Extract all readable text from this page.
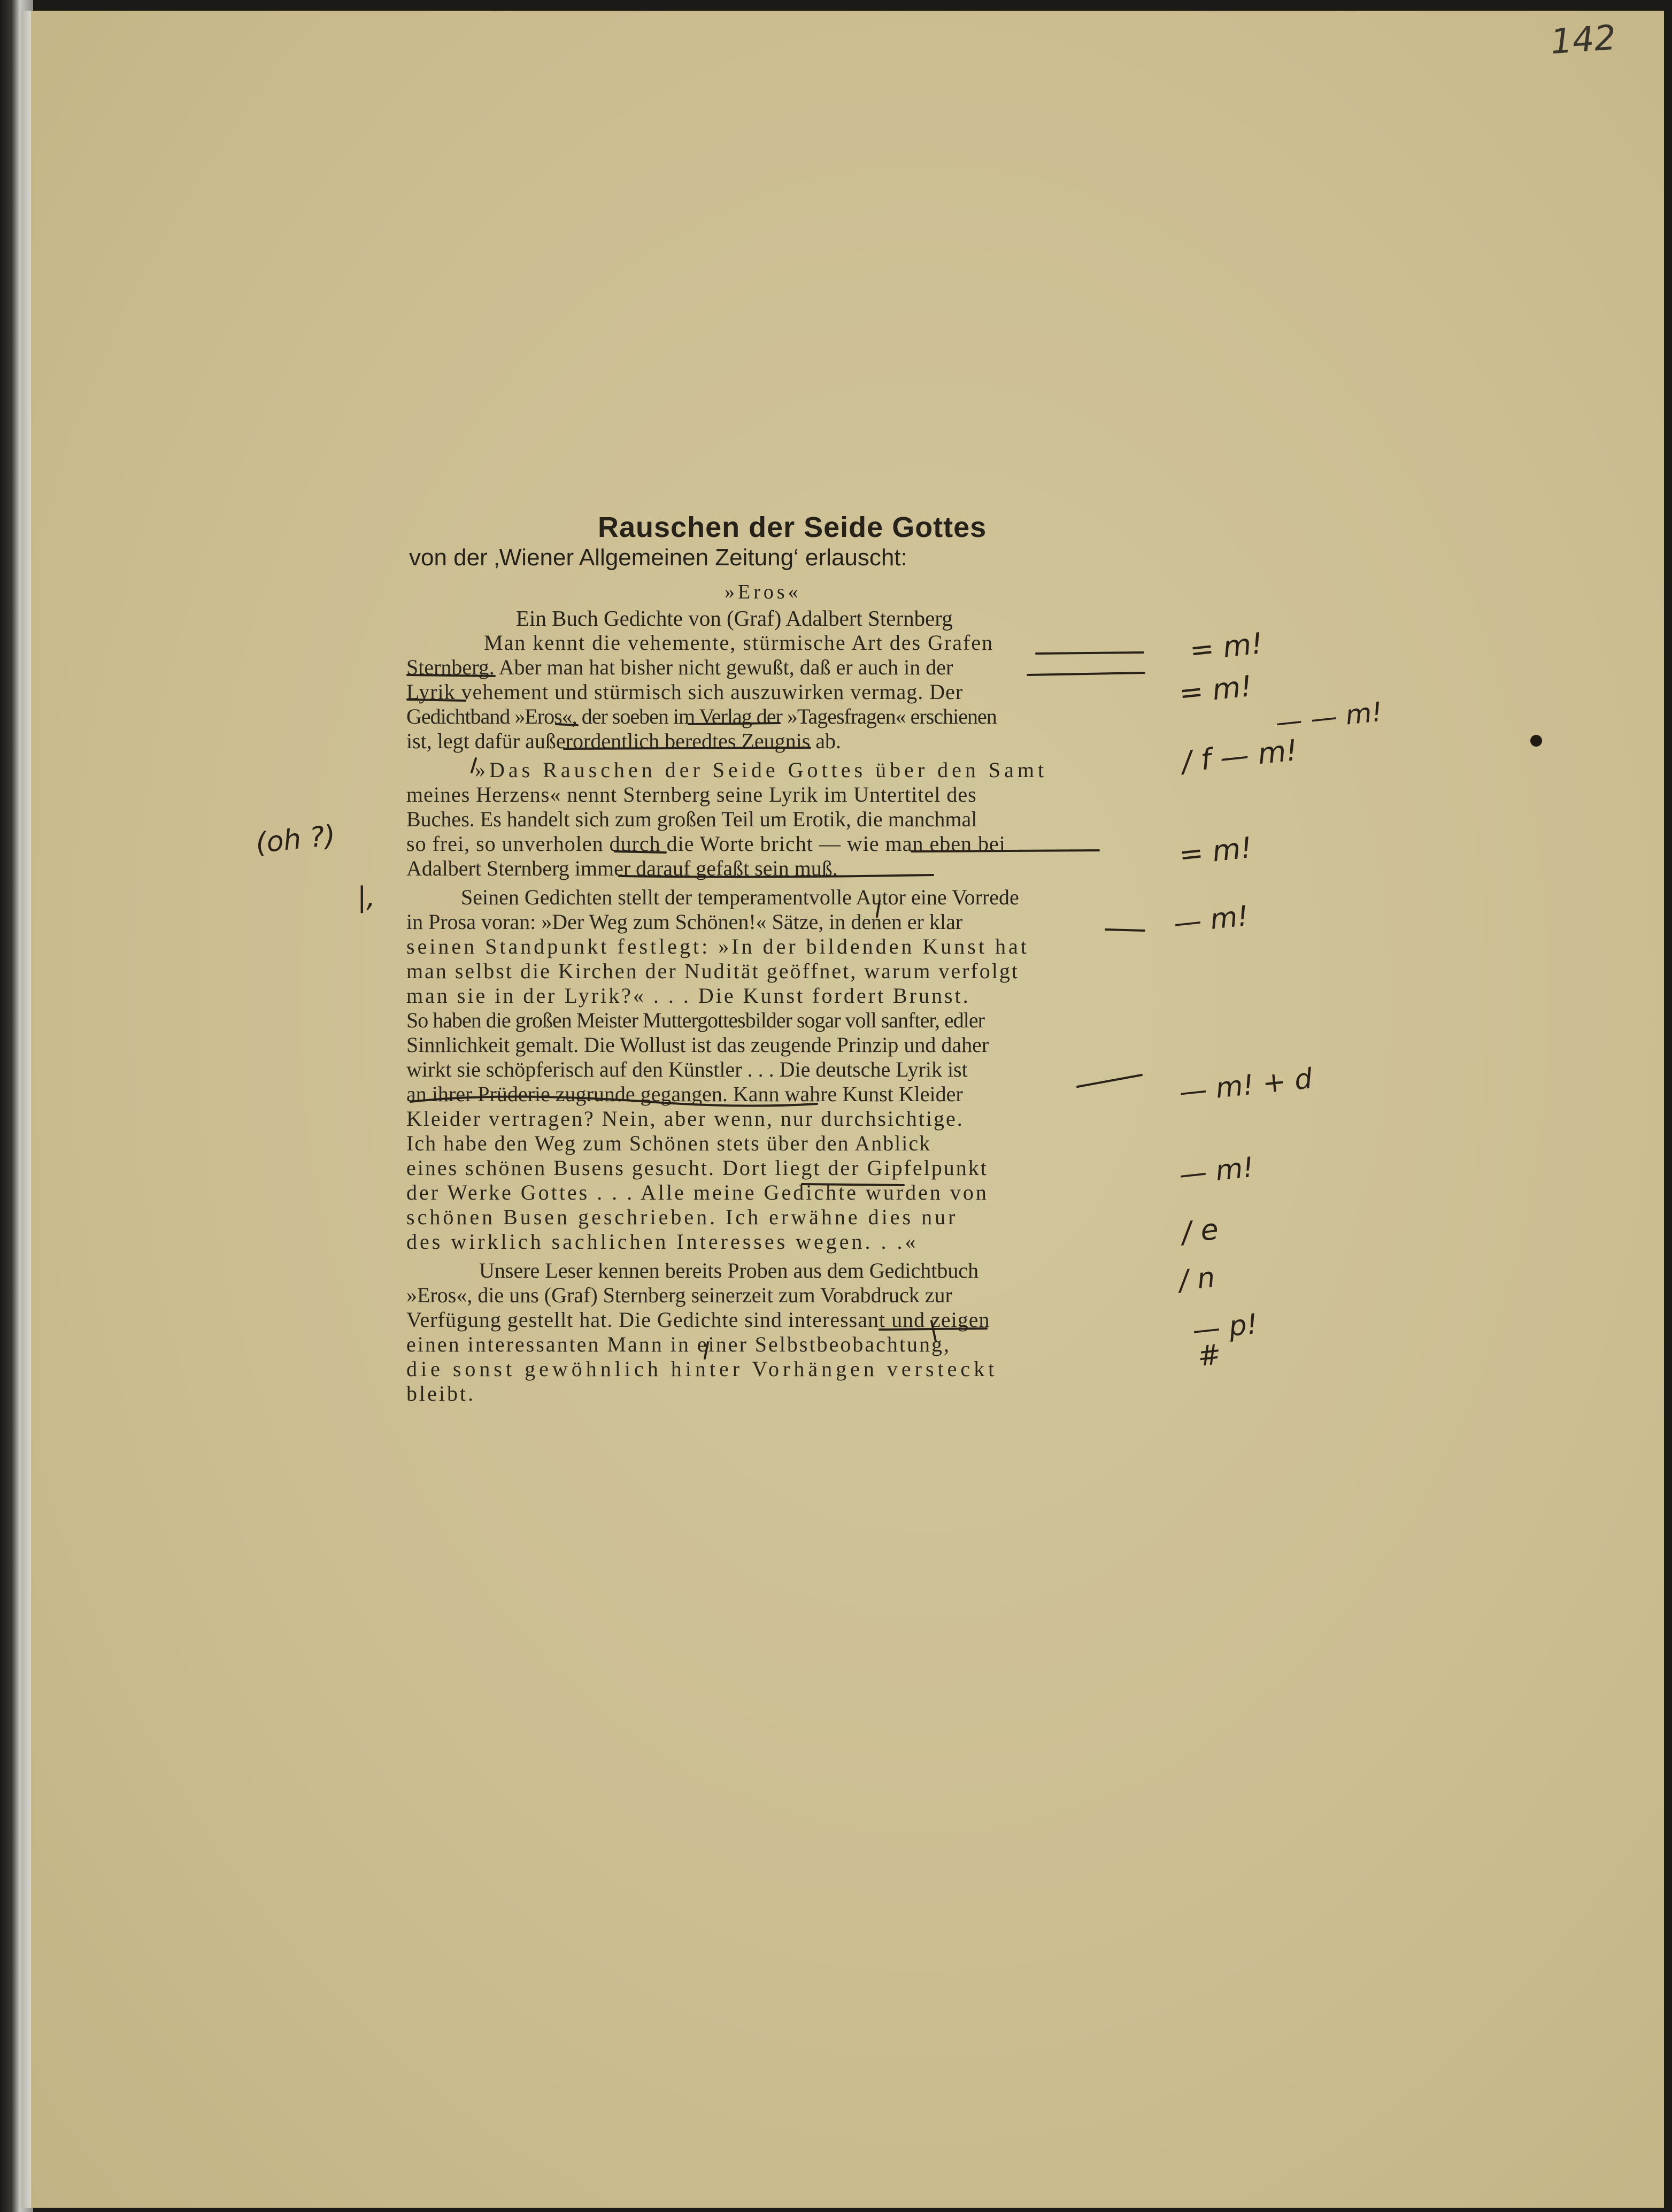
142
Rauschen der Seide Gottes
von der ‚Wiener Allgemeinen Zeitung‘ erlauscht:
»Eros«
Ein Buch Gedichte von (Graf) Adalbert Sternberg
Man kennt die vehemente, stürmische Art des Grafen
Sternberg. Aber man hat bisher nicht gewußt, daß er auch in der
Lyrik vehement und stürmisch sich auszuwirken vermag. Der
Gedichtband »Eros«, der soeben im Verlag der »Tagesfragen« erschienen
ist, legt dafür außerordentlich beredtes Zeugnis ab.
»Das Rauschen der Seide Gottes über den Samt
meines Herzens« nennt Sternberg seine Lyrik im Untertitel des
Buches. Es handelt sich zum großen Teil um Erotik, die manchmal
so frei, so unverholen durch die Worte bricht — wie man eben bei
Adalbert Sternberg immer darauf gefaßt sein muß.
Seinen Gedichten stellt der temperamentvolle Autor eine Vorrede
in Prosa voran: »Der Weg zum Schönen!« Sätze, in denen er klar
seinen Standpunkt festlegt: »In der bildenden Kunst hat
man selbst die Kirchen der Nudität geöffnet, warum verfolgt
man sie in der Lyrik?« . . . Die Kunst fordert Brunst.
So haben die großen Meister Muttergottesbilder sogar voll sanfter, edler
Sinnlichkeit gemalt. Die Wollust ist das zeugende Prinzip und daher
wirkt sie schöpferisch auf den Künstler . . . Die deutsche Lyrik ist
an ihrer Prüderie zugrunde gegangen. Kann wahre Kunst Kleider
Kleider vertragen? Nein, aber wenn, nur durchsichtige.
Ich habe den Weg zum Schönen stets über den Anblick
eines schönen Busens gesucht. Dort liegt der Gipfelpunkt
der Werke Gottes . . . Alle meine Gedichte wurden von
schönen Busen geschrieben. Ich erwähne dies nur
des wirklich sachlichen Interesses wegen. . .«
Unsere Leser kennen bereits Proben aus dem Gedichtbuch
»Eros«, die uns (Graf) Sternberg seinerzeit zum Vorabdruck zur
Verfügung gestellt hat. Die Gedichte sind interessant und zeigen
einen interessanten Mann in einer Selbstbeobachtung,
die sonst gewöhnlich hinter Vorhängen versteckt
bleibt.
(oh ?)
|,
= m!
= m!
— — m!
/ f — m!
= m!
— m!
— m! + d
— m!
/ e
/ n
— p!
#
